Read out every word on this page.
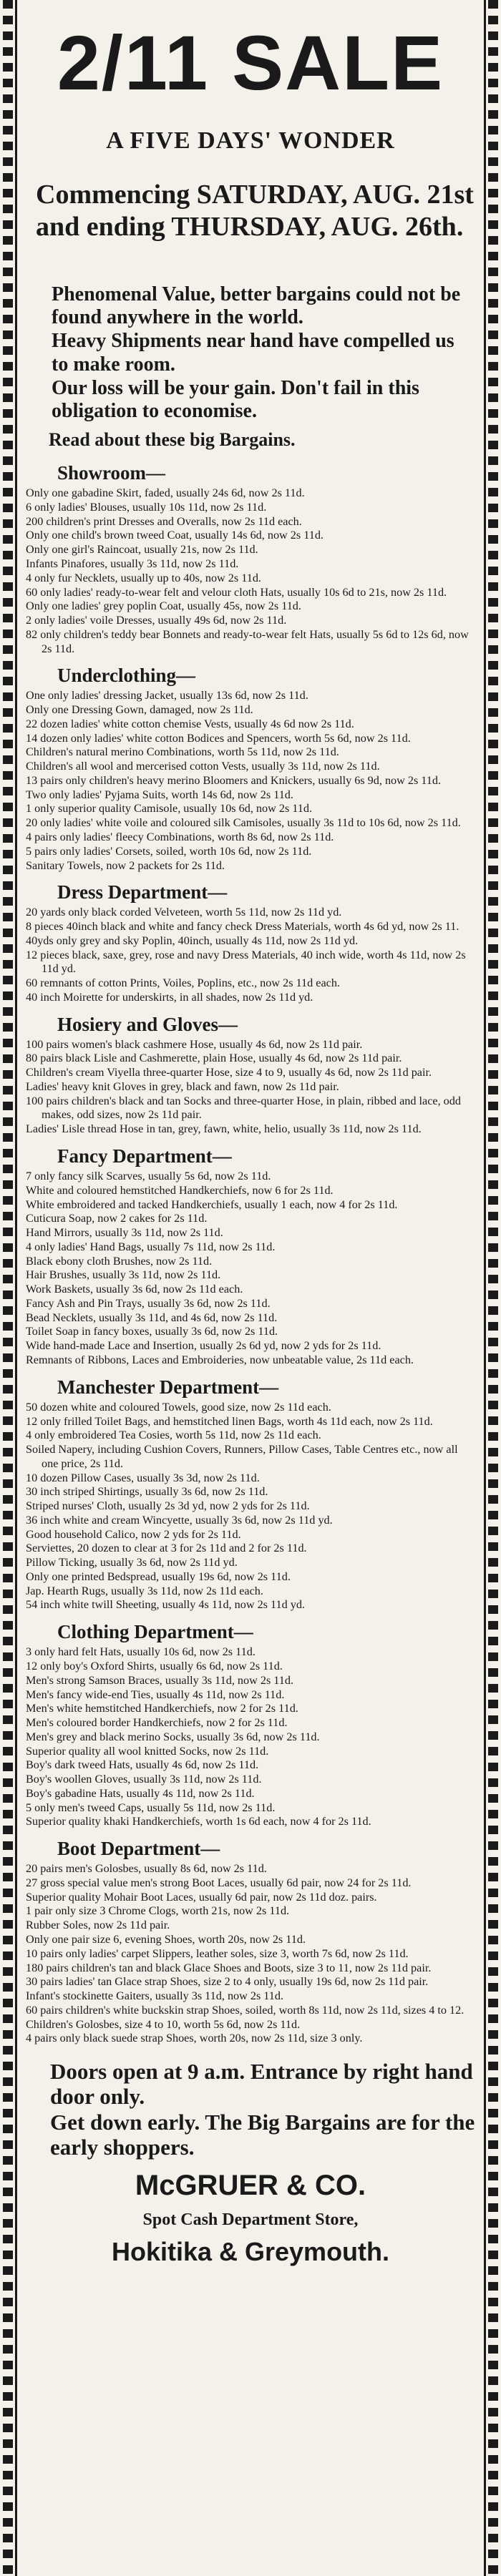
2/11 SALE
A FIVE DAYS' WONDER
Commencing SATURDAY, AUG. 21st and ending THURSDAY, AUG. 26th.
Phenomenal Value, better bargains could not be found anywhere in the world.
Heavy Shipments near hand have compelled us to make room.
Our loss will be your gain. Don't fail in this obligation to economise.
Read about these big Bargains.
Showroom—

Only one gabadine Skirt, faded, usually 24s 6d, now 2s 11d.

6 only ladies' Blouses, usually 10s 11d, now 2s 11d.

200 children's print Dresses and Overalls, now 2s 11d each.

Only one child's brown tweed Coat, usually 14s 6d, now 2s 11d.

Only one girl's Raincoat, usually 21s, now 2s 11d.

Infants Pinafores, usually 3s 11d, now 2s 11d.

4 only fur Necklets, usually up to 40s, now 2s 11d.

60 only ladies' ready-to-wear felt and velour cloth Hats, usually 10s 6d to 21s, now 2s 11d.

Only one ladies' grey poplin Coat, usually 45s, now 2s 11d.

2 only ladies' voile Dresses, usually 49s 6d, now 2s 11d.

82 only children's teddy bear Bonnets and ready-to-wear felt Hats, usually 5s 6d to 12s 6d, now 2s 11d.

Underclothing—

One only ladies' dressing Jacket, usually 13s 6d, now 2s 11d.

Only one Dressing Gown, damaged, now 2s 11d.

22 dozen ladies' white cotton chemise Vests, usually 4s 6d now 2s 11d.

14 dozen only ladies' white cotton Bodices and Spencers, worth 5s 6d, now 2s 11d.

Children's natural merino Combinations, worth 5s 11d, now 2s 11d.

Children's all wool and mercerised cotton Vests, usually 3s 11d, now 2s 11d.

13 pairs only children's heavy merino Bloomers and Knickers, usually 6s 9d, now 2s 11d.

Two only ladies' Pyjama Suits, worth 14s 6d, now 2s 11d.

1 only superior quality Camisole, usually 10s 6d, now 2s 11d.

20 only ladies' white voile and coloured silk Camisoles, usually 3s 11d to 10s 6d, now 2s 11d.

4 pairs only ladies' fleecy Combinations, worth 8s 6d, now 2s 11d.

5 pairs only ladies' Corsets, soiled, worth 10s 6d, now 2s 11d.

Sanitary Towels, now 2 packets for 2s 11d.

Dress Department—

20 yards only black corded Velveteen, worth 5s 11d, now 2s 11d yd.

8 pieces 40inch black and white and fancy check Dress Materials, worth 4s 6d yd, now 2s 11.

40yds only grey and sky Poplin, 40inch, usually 4s 11d, now 2s 11d yd.

12 pieces black, saxe, grey, rose and navy Dress Materials, 40 inch wide, worth 4s 11d, now 2s 11d yd.

60 remnants of cotton Prints, Voiles, Poplins, etc., now 2s 11d each.

40 inch Moirette for underskirts, in all shades, now 2s 11d yd.

Hosiery and Gloves—

100 pairs women's black cashmere Hose, usually 4s 6d, now 2s 11d pair.

80 pairs black Lisle and Cashmerette, plain Hose, usually 4s 6d, now 2s 11d pair.

Children's cream Viyella three-quarter Hose, size 4 to 9, usually 4s 6d, now 2s 11d pair.

Ladies' heavy knit Gloves in grey, black and fawn, now 2s 11d pair.

100 pairs children's black and tan Socks and three-quarter Hose, in plain, ribbed and lace, odd makes, odd sizes, now 2s 11d pair.

Ladies' Lisle thread Hose in tan, grey, fawn, white, helio, usually 3s 11d, now 2s 11d.

Fancy Department—

7 only fancy silk Scarves, usually 5s 6d, now 2s 11d.

White and coloured hemstitched Handkerchiefs, now 6 for 2s 11d.

White embroidered and tacked Handkerchiefs, usually 1 each, now 4 for 2s 11d.

Cuticura Soap, now 2 cakes for 2s 11d.

Hand Mirrors, usually 3s 11d, now 2s 11d.

4 only ladies' Hand Bags, usually 7s 11d, now 2s 11d.

Black ebony cloth Brushes, now 2s 11d.

Hair Brushes, usually 3s 11d, now 2s 11d.

Work Baskets, usually 3s 6d, now 2s 11d each.

Fancy Ash and Pin Trays, usually 3s 6d, now 2s 11d.

Bead Necklets, usually 3s 11d, and 4s 6d, now 2s 11d.

Toilet Soap in fancy boxes, usually 3s 6d, now 2s 11d.

Wide hand-made Lace and Insertion, usually 2s 6d yd, now 2 yds for 2s 11d.

Remnants of Ribbons, Laces and Embroideries, now unbeatable value, 2s 11d each.

Manchester Department—

50 dozen white and coloured Towels, good size, now 2s 11d each.

12 only frilled Toilet Bags, and hemstitched linen Bags, worth 4s 11d each, now 2s 11d.

4 only embroidered Tea Cosies, worth 5s 11d, now 2s 11d each.

Soiled Napery, including Cushion Covers, Runners, Pillow Cases, Table Centres etc., now all one price, 2s 11d.

10 dozen Pillow Cases, usually 3s 3d, now 2s 11d.

30 inch striped Shirtings, usually 3s 6d, now 2s 11d.

Striped nurses' Cloth, usually 2s 3d yd, now 2 yds for 2s 11d.

36 inch white and cream Wincyette, usually 3s 6d, now 2s 11d yd.

Good household Calico, now 2 yds for 2s 11d.

Serviettes, 20 dozen to clear at 3 for 2s 11d and 2 for 2s 11d.

Pillow Ticking, usually 3s 6d, now 2s 11d yd.

Only one printed Bedspread, usually 19s 6d, now 2s 11d.

Jap. Hearth Rugs, usually 3s 11d, now 2s 11d each.

54 inch white twill Sheeting, usually 4s 11d, now 2s 11d yd.

Clothing Department—

3 only hard felt Hats, usually 10s 6d, now 2s 11d.

12 only boy's Oxford Shirts, usually 6s 6d, now 2s 11d.

Men's strong Samson Braces, usually 3s 11d, now 2s 11d.

Men's fancy wide-end Ties, usually 4s 11d, now 2s 11d.

Men's white hemstitched Handkerchiefs, now 2 for 2s 11d.

Men's coloured border Handkerchiefs, now 2 for 2s 11d.

Men's grey and black merino Socks, usually 3s 6d, now 2s 11d.

Superior quality all wool knitted Socks, now 2s 11d.

Boy's dark tweed Hats, usually 4s 6d, now 2s 11d.

Boy's woollen Gloves, usually 3s 11d, now 2s 11d.

Boy's gabadine Hats, usually 4s 11d, now 2s 11d.

5 only men's tweed Caps, usually 5s 11d, now 2s 11d.

Superior quality khaki Handkerchiefs, worth 1s 6d each, now 4 for 2s 11d.

Boot Department—

20 pairs men's Golosbes, usually 8s 6d, now 2s 11d.

27 gross special value men's strong Boot Laces, usually 6d pair, now 24 for 2s 11d.

Superior quality Mohair Boot Laces, usually 6d pair, now 2s 11d doz. pairs.

1 pair only size 3 Chrome Clogs, worth 21s, now 2s 11d.

Rubber Soles, now 2s 11d pair.

Only one pair size 6, evening Shoes, worth 20s, now 2s 11d.

10 pairs only ladies' carpet Slippers, leather soles, size 3, worth 7s 6d, now 2s 11d.

180 pairs children's tan and black Glace Shoes and Boots, size 3 to 11, now 2s 11d pair.

30 pairs ladies' tan Glace strap Shoes, size 2 to 4 only, usually 19s 6d, now 2s 11d pair.

Infant's stockinette Gaiters, usually 3s 11d, now 2s 11d.

60 pairs children's white buckskin strap Shoes, soiled, worth 8s 11d, now 2s 11d, sizes 4 to 12.

Children's Golosbes, size 4 to 10, worth 5s 6d, now 2s 11d.

4 pairs only black suede strap Shoes, worth 20s, now 2s 11d, size 3 only.

Doors open at 9 a.m. Entrance by right hand door only.
Get down early. The Big Bargains are for the early shoppers.
McGRUER & CO.
Spot Cash Department Store,
Hokitika & Greymouth.
